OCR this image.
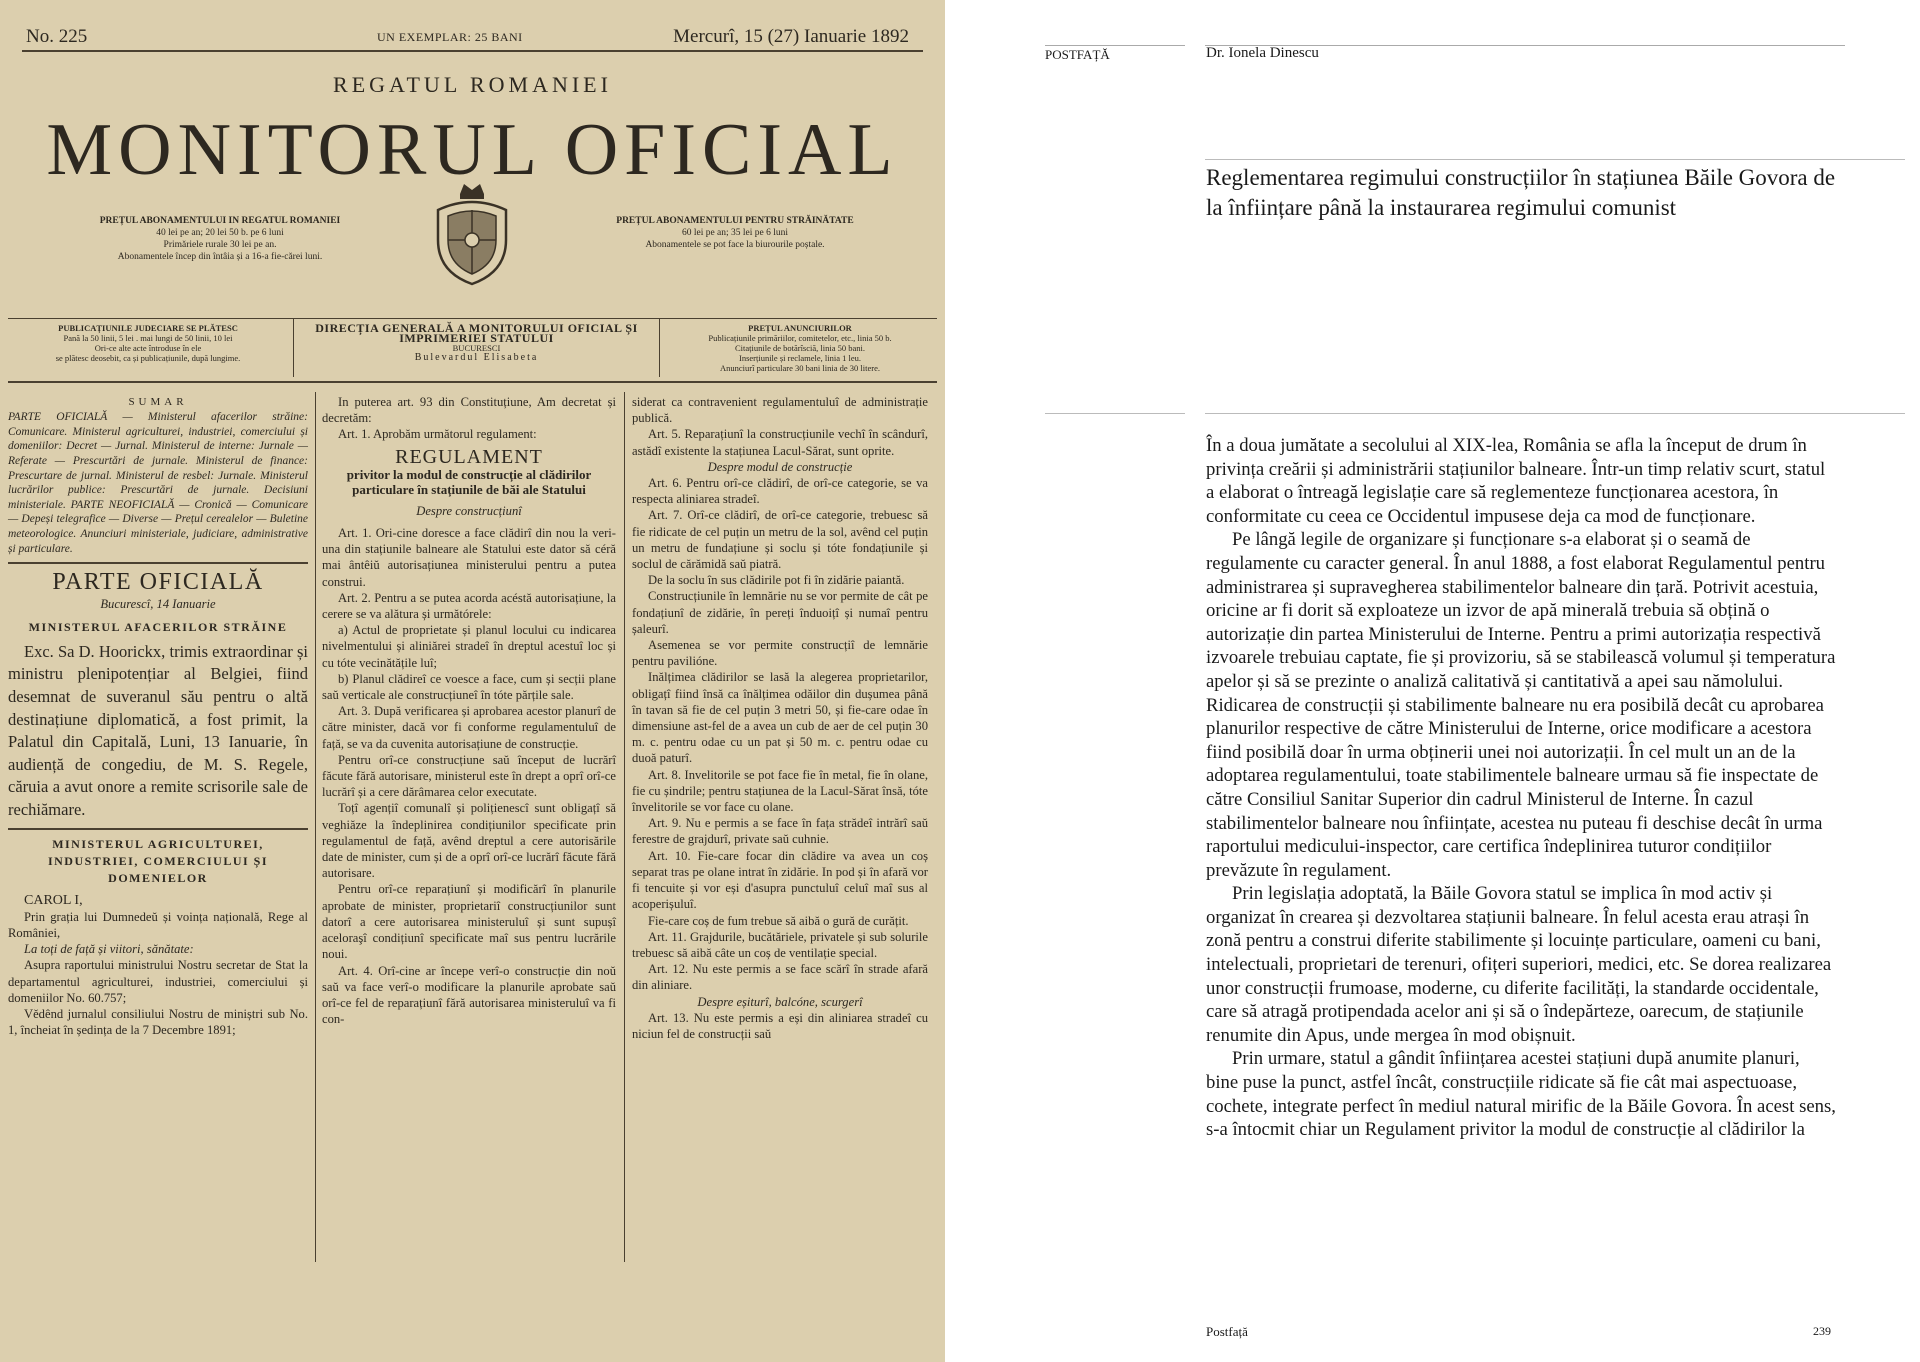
No. 225	UN EXEMPLAR: 25 BANI	Mercurî, 15 (27) Ianuarie 1892
REGATUL ROMANIEI
MONITORUL OFICIAL
PREȚUL ABONAMENTULUI IN REGATUL ROMANIEI
40 lei pe an; 20 lei 50 b. pe 6 luni
Primăriele rurale 30 lei pe an.
Abonamentele încep din întâia și a 16-a fie-cărei luni.
PREȚUL ABONAMENTULUI PENTRU STRĂINĂTATE
60 lei pe an; 35 lei pe 6 luni
Abonamentele se pot face la biurourile poștale.
PUBLICAȚIUNILE JUDECIARE SE PLĂTESC
Pană la 50 linii, 5 lei . mai lungi de 50 linii, 10 lei
Ori-ce alte acte întroduse în ele
se plătesc deosebit, ca și publicațiunile, după lungime.
DIRECȚIA GENERALĂ A MONITORULUI OFICIAL ȘI IMPRIMERIEI STATULUI
BUCURESCI
Bulevardul Elisabeta
PREȚUL ANUNCIURILOR
Publicațiunile primăriilor, comitetelor, etc., linia 50 b.
Citațiunile de botărîsciă, linia 50 bani.
Inserțiunile și reclamele, linia 1 leu.
Anunciurî particulare 30 bani linia de 30 litere.
SUMAR

PARTE OFICIALĂ — Ministerul afacerilor străine: Comunicare. Ministerul agriculturei, industriei, comerciului și domeniilor: Decret — Jurnal. Ministerul de interne: Jurnale — Referate — Prescurtări de jurnale. Ministerul de finance: Prescurtare de jurnal. Ministerul de resbel: Jurnale. Ministerul lucrărilor publice: Prescurtări de jurnale. Decisiuni ministeriale. PARTE NEOFICIALĂ — Cronică — Comunicare — Depeși telegrafice — Diverse — Prețul cerealelor — Buletine meteorologice. Anunciuri ministeriale, judiciare, administrative și particulare.

PARTE OFICIALĂ

Bucurescî, 14 Ianuarie

MINISTERUL AFACERILOR STRĂINE

Exc. Sa D. Hoorickx, trimis extraordinar și ministru plenipotențiar al Belgiei, fiind desemnat de suveranul său pentru o altă destinațiune diplomatică, a fost primit, la Palatul din Capitală, Luni, 13 Ianuarie, în audiență de congediu, de M. S. Regele, căruia a avut onore a remite scrisorile sale de rechiămare.

MINISTERUL AGRICULTUREI, INDUSTRIEI, COMERCIULUI ȘI DOMENIELOR

CAROL I,

Prin grația lui Dumnedeŭ și voința națională, Rege al României,

La toți de față și viitori, sănătate:

Asupra raportului ministrului Nostru secretar de Stat la departamentul agriculturei, industriei, comerciului și domeniilor No. 60.757;

Vědênd jurnalul consiliului Nostru de miniștri sub No. 1, încheiat în ședința de la 7 Decembre 1891;

In puterea art. 93 din Constituțiune, Am decretat și decretăm:

Art. 1. Aprobăm următorul regulament:

REGULAMENT
privitor la modul de construcție al clădirilor particulare în stațiunile de băi ale Statului

Despre construcțiunî

Art. 1. Ori-cine doresce a face clădirî din nou la veri-una din stațiunile balneare ale Statului este dator să céră mai ântêiŭ autorisațiunea ministerului pentru a putea construi.

Art. 2. Pentru a se putea acorda acéstă autorisațiune, la cerere se va alătura și următórele:

a) Actul de proprietate și planul locului cu indicarea nivelmentului și aliniărei stradeî în dreptul acestuî loc și cu tóte vecinătățile luî;

b) Planul clădireî ce voesce a face, cum și secții plane saŭ verticale ale construcțiuneî în tóte părțile sale.

Art. 3. După verificarea și aprobarea acestor planurî de către minister, dacă vor fi conforme regulamentuluî de față, se va da cuvenita autorisațiune de construcție.

Pentru orî-ce construcțiune saŭ început de lucrărî făcute fără autorisare, ministerul este în drept a oprî orî-ce lucrărî și a cere dărâmarea celor executate.

Toțî agențiî comunalî și polițienescî sunt obligațî să veghiăze la îndeplinirea condițiunilor specificate prin regulamentul de față, avênd dreptul a cere autorisările date de minister, cum și de a oprî orî-ce lucrărî făcute fără autorisare.

Pentru orî-ce reparațiunî și modificărî în planurile aprobate de minister, proprietariî construcțiunilor sunt datorî a cere autorisarea ministeruluî și sunt supușî aceloraşî condițiunî specificate maî sus pentru lucrările noui.

Art. 4. Orî-cine ar începe verî-o construcție din noŭ saŭ va face verî-o modificare la planurile aprobate saŭ orî-ce fel de reparațiunî fără autorisarea ministeruluî va fi con-

siderat ca contravenient regulamentuluî de administrație publică.

Art. 5. Reparațiunî la construcțiunile vechî în scândurî, astădî existente la stațiunea Lacul-Sărat, sunt oprite.

Despre modul de construcție

Art. 6. Pentru orî-ce clădirî, de orî-ce categorie, se va respecta aliniarea stradeî.

Art. 7. Orî-ce clădirî, de orî-ce categorie, trebuesc să fie ridicate de cel puțin un metru de la sol, avênd cel puțin un metru de fundațiune și soclu și tóte fondațiunile și soclul de cărămidă saŭ piatră.

De la soclu în sus clădirile pot fi în zidărie paiantă.

Construcțiunile în lemnărie nu se vor permite de cât pe fondațiunî de zidărie, în pereți înduoițî și numaî pentru șaleurî.

Asemenea se vor permite construcțiî de lemnărie pentru pavilióne.

Inălțimea clădirilor se lasă la alegerea proprietarilor, obligațî fiind însă ca înălțimea odăilor din dușumea până în tavan să fie de cel puțin 3 metri 50, și fie-care odae în dimensiune ast-fel de a avea un cub de aer de cel puțin 30 m. c. pentru odae cu un pat și 50 m. c. pentru odae cu duoă paturî.

Art. 8. Invelitorile se pot face fie în metal, fie în olane, fie cu șindrile; pentru stațiunea de la Lacul-Sărat însă, tóte învelitorile se vor face cu olane.

Art. 9. Nu e permis a se face în fața strădeî intrărî saŭ ferestre de grajdurî, private saŭ cuhnie.

Art. 10. Fie-care focar din clădire va avea un coș separat tras pe olane intrat în zidărie. In pod și în afară vor fi tencuite și vor eși d'asupra punctuluî celuî maî sus al acoperișuluî.

Fie-care coș de fum trebue să aibă o gură de curățit.

Art. 11. Grajdurile, bucătăriele, privatele și sub solurile trebuesc să aibă câte un coș de ventilație special.

Art. 12. Nu este permis a se face scărî în strade afară din aliniare.

Despre eșiturî, balcóne, scurgerî

Art. 13. Nu este permis a eși din aliniarea stradeî cu niciun fel de construcții saŭ

POSTFAȚĂ	Dr. Ionela Dinescu
Reglementarea regimului construcțiilor în stațiunea Băile Govora de la înființare până la instaurarea regimului comunist

În a doua jumătate a secolului al XIX-lea, România se afla la început de drum în privința creării și administrării stațiunilor balneare. Într-un timp relativ scurt, statul a elaborat o întreagă legislație care să reglementeze funcționarea acestora, în conformitate cu ceea ce Occidentul impusese deja ca mod de funcționare.

Pe lângă legile de organizare și funcționare s-a elaborat și o seamă de regulamente cu caracter general. În anul 1888, a fost elaborat Regulamentul pentru administrarea și supravegherea stabilimentelor balneare din țară. Potrivit acestuia, oricine ar fi dorit să exploateze un izvor de apă minerală trebuia să obțină o autorizație din partea Ministerului de Interne. Pentru a primi autorizația respectivă izvoarele trebuiau captate, fie și provizoriu, să se stabilească volumul și temperatura apelor și să se prezinte o analiză calitativă și cantitativă a apei sau nămolului. Ridicarea de construcții și stabilimente balneare nu era posibilă decât cu aprobarea planurilor respective de către Ministerului de Interne, orice modificare a acestora fiind posibilă doar în urma obținerii unei noi autorizații. În cel mult un an de la adoptarea regulamentului, toate stabilimentele balneare urmau să fie inspectate de către Consiliul Sanitar Superior din cadrul Ministerul de Interne. În cazul stabilimentelor balneare nou înființate, acestea nu puteau fi deschise decât în urma raportului medicului-inspector, care certifica îndeplinirea tuturor condițiilor prevăzute în regulament.

Prin legislația adoptată, la Băile Govora statul se implica în mod activ și organizat în crearea și dezvoltarea stațiunii balneare. În felul acesta erau atrași în zonă pentru a construi diferite stabilimente și locuințe particulare, oameni cu bani, intelectuali, proprietari de terenuri, ofițeri superiori, medici, etc. Se dorea realizarea unor construcții frumoase, moderne, cu diferite facilități, la standarde occidentale, care să atragă protipendada acelor ani și să o îndepărteze, oarecum, de stațiunile renumite din Apus, unde mergea în mod obișnuit.

Prin urmare, statul a gândit înființarea acestei stațiuni după anumite planuri, bine puse la punct, astfel încât, construcțiile ridicate să fie cât mai aspectuoase, cochete, integrate perfect în mediul natural mirific de la Băile Govora. În acest sens, s-a întocmit chiar un Regulament privitor la modul de construcție al clădirilor la

Postfață	239
